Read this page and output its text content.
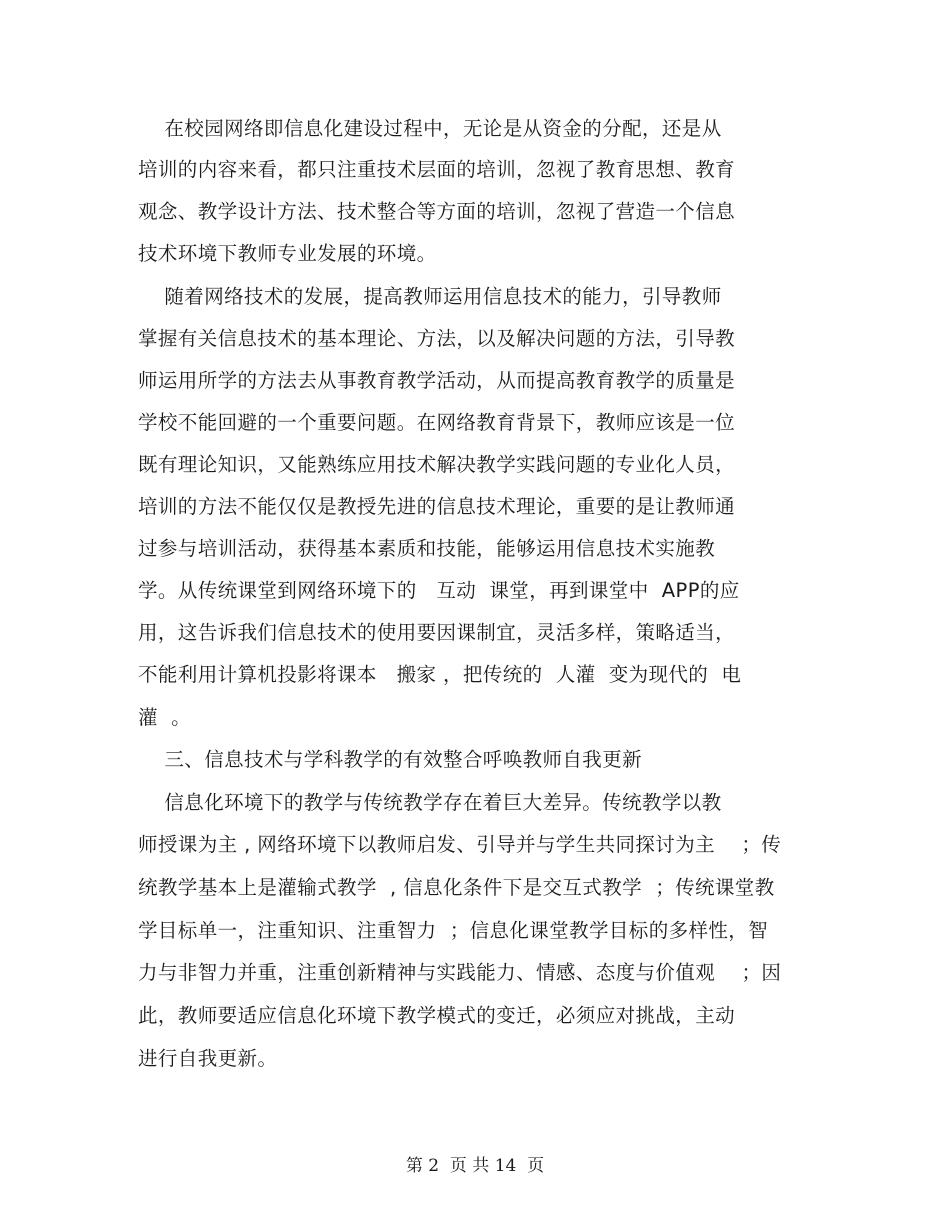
在校园网络即信息化建设过程中，无论是从资金的分配，还是从
培训的内容来看，都只注重技术层面的培训，忽视了教育思想、教育
观念、教学设计方法、技术整合等方面的培训，忽视了营造一个信息
技术环境下教师专业发展的环境。
随着网络技术的发展，提高教师运用信息技术的能力，引导教师
掌握有关信息技术的基本理论、方法，以及解决问题的方法，引导教
师运用所学的方法去从事教育教学活动，从而提高教育教学的质量是
学校不能回避的一个重要问题。在网络教育背景下，教师应该是一位
既有理论知识，又能熟练应用技术解决教学实践问题的专业化人员，
培训的方法不能仅仅是教授先进的信息技术理论，重要的是让教师通
过参与培训活动，获得基本素质和技能，能够运用信息技术实施教
学。从传统课堂到网络环境下的   互动  课堂，再到课堂中  APP的应
用，这告诉我们信息技术的使用要因课制宜，灵活多样，策略适当，
不能利用计算机投影将课本   搬家 ，把传统的  人灌  变为现代的  电
灌  。
三、信息技术与学科教学的有效整合呼唤教师自我更新
信息化环境下的教学与传统教学存在着巨大差异。传统教学以教
师授课为主 , 网络环境下以教师启发、引导并与学生共同探讨为主    ；传
统教学基本上是灌输式教学  , 信息化条件下是交互式教学  ；传统课堂教
学目标单一，注重知识、注重智力  ；信息化课堂教学目标的多样性，智
力与非智力并重，注重创新精神与实践能力、情感、态度与价值观    ；因
此，教师要适应信息化环境下教学模式的变迁，必须应对挑战，主动
进行自我更新。
第 2  页 共 14  页
